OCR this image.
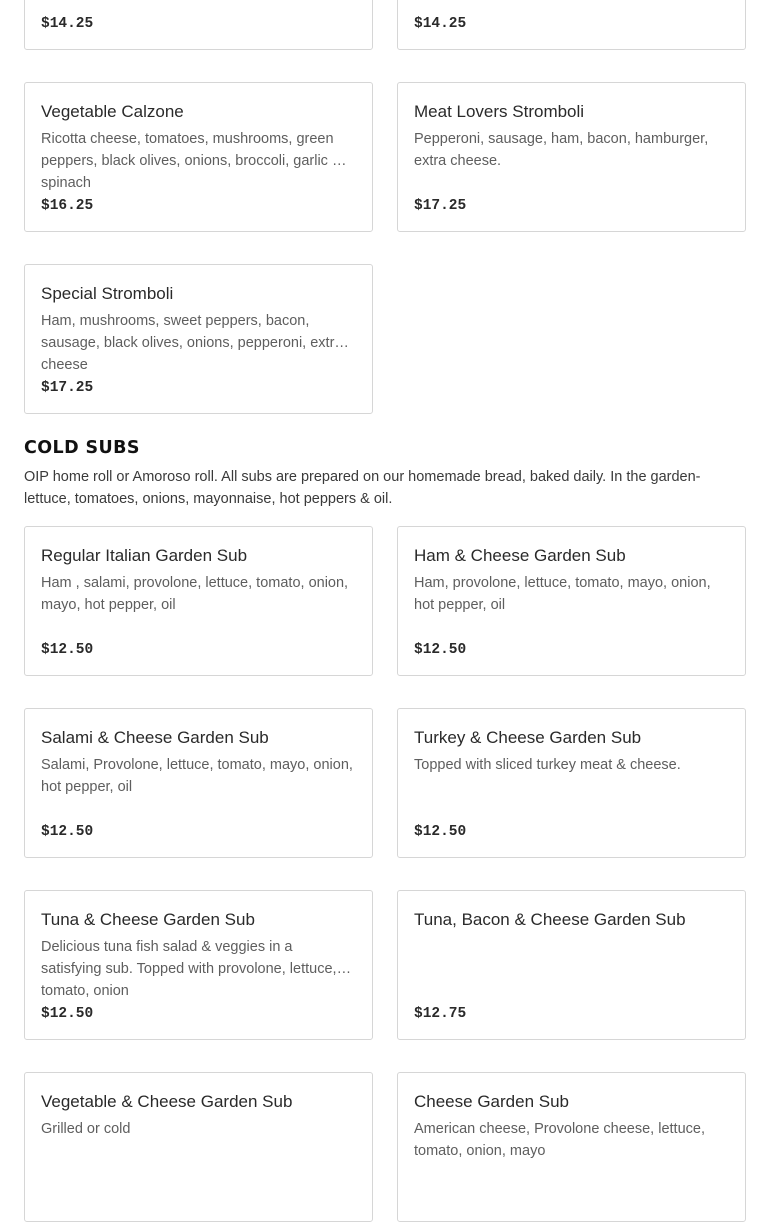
$14.25	$14.25
Vegetable Calzone
Ricotta cheese, tomatoes, mushrooms, green peppers, black olives, onions, broccoli, garlic & spinach
$16.25
Meat Lovers Stromboli
Pepperoni, sausage, ham, bacon, hamburger, extra cheese.
$17.25
Special Stromboli
Ham, mushrooms, sweet peppers, bacon, sausage, black olives, onions, pepperoni, extra cheese
$17.25
COLD SUBS

OIP home roll or Amoroso roll. All subs are prepared on our homemade bread, baked daily. In the garden- lettuce, tomatoes, onions, mayonnaise, hot peppers & oil.

Regular Italian Garden Sub
Ham , salami, provolone, lettuce, tomato, onion, mayo, hot pepper, oil
$12.50
Ham & Cheese Garden Sub
Ham, provolone, lettuce, tomato, mayo, onion, hot pepper, oil
$12.50
Salami & Cheese Garden Sub
Salami, Provolone, lettuce, tomato, mayo, onion, hot pepper, oil
$12.50
Turkey & Cheese Garden Sub
Topped with sliced turkey meat & cheese.
$12.50
Tuna & Cheese Garden Sub
Delicious tuna fish salad & veggies in a satisfying sub. Topped with provolone, lettuce, tomato, onion
$12.50
Tuna, Bacon & Cheese Garden Sub
$12.75
Vegetable & Cheese Garden Sub
Grilled or cold
Cheese Garden Sub
American cheese, Provolone cheese, lettuce, tomato, onion, mayo
